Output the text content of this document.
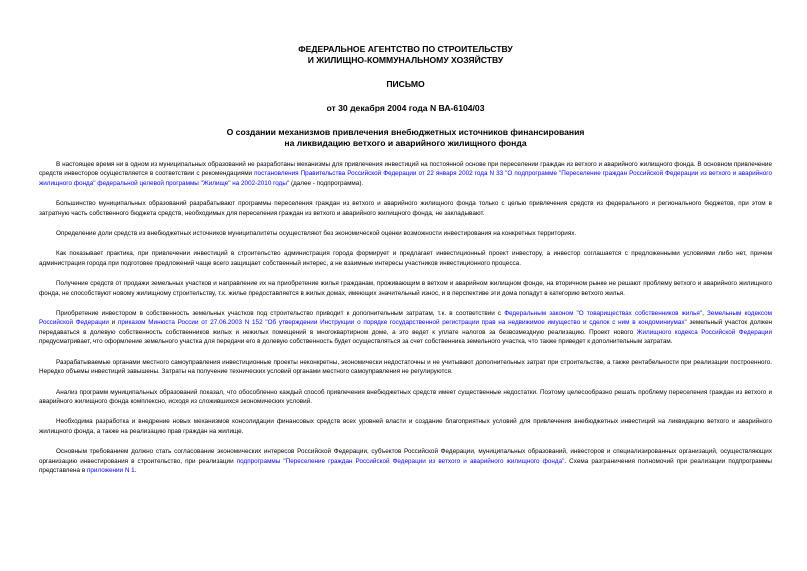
ФЕДЕРАЛЬНОЕ АГЕНТСТВО ПО СТРОИТЕЛЬСТВУ
И ЖИЛИЩНО-КОММУНАЛЬНОМУ ХОЗЯЙСТВУ
ПИСЬМО
от 30 декабря 2004 года N ВА-6104/03
О создании механизмов привлечения внебюджетных источников финансирования
на ликвидацию ветхого и аварийного жилищного фонда

В настоящее время ни в одном из муниципальных образований не разработаны механизмы для привлечения инвестиций на постоянной основе при переселении граждан из ветхого и аварийного жилищного фонда. В основном привлечение средств инвесторов осуществляется в соответствии с рекомендациями постановления Правительства Российской Федерации от 22 января 2002 года N 33 "О подпрограмме "Переселение граждан Российской Федерации из ветхого и аварийного жилищного фонда" федеральной целевой программы "Жилище" на 2002-2010 годы" (далее - подпрограмма).

Большинство муниципальных образований разрабатывают программы переселения граждан из ветхого и аварийного жилищного фонда только с целью привлечения средств из федерального и регионального бюджетов, при этом в затратную часть собственного бюджета средств, необходимых для переселения граждан из ветхого и аварийного жилищного фонда, не закладывают.

Определение доли средств из внебюджетных источников муниципалитеты осуществляют без экономической оценки возможности инвестирования на конкретных территориях.

Как показывает практика, при привлечении инвестиций в строительство администрация города формирует и предлагает инвестиционный проект инвестору, а инвестор соглашается с предложенными условиями либо нет, причем администрация города при подготовке предложений чаще всего защищает собственный интерес, а не взаимные интересы участников инвестиционного процесса.

Получение средств от продажи земельных участков и направление их на приобретение жилья гражданам, проживающим в ветхом и аварийном жилищном фонде, на вторичном рынке не решают проблему ветхого и аварийного жилищного фонда, не способствуют новому жилищному строительству, т.к. жилье предоставляется в жилых домах, имеющих значительный износ, и в перспективе эти дома попадут в категорию ветхого жилья.

Приобретение инвестором в собственность земельных участков под строительство приводит к дополнительным затратам, т.к. в соответствии с Федеральным законом "О товариществах собственников жилья", Земельным кодексом Российской Федерации и приказом Минюста России от 27.06.2003 N 152 "Об утверждении Инструкции о порядке государственной регистрации прав на недвижимое имущество и сделок с ним в кондоминиумах" земельный участок должен передаваться в долевую собственность собственников жилых и нежилых помещений в многоквартирном доме, а это ведет к уплате налогов за безвозмездную реализацию. Проект нового Жилищного кодекса Российской Федерации предусматривает, что оформление земельного участка для передачи его в долевую собственность будет осуществляться за счет собственника земельного участка, что также приведет к дополнительным затратам.

Разрабатываемые органами местного самоуправления инвестиционные проекты неконкретны, экономически недостаточны и не учитывают дополнительных затрат при строительстве, а также рентабельности при реализации построенного. Нередко объемы инвестиций завышены. Затраты на получение технических условий органами местного самоуправления не регулируются.

Анализ программ муниципальных образований показал, что обособленно каждый способ привлечения внебюджетных средств имеет существенные недостатки. Поэтому целесообразно решать проблему переселения граждан из ветхого и аварийного жилищного фонда комплексно, исходя из сложившихся экономических условий.

Необходима разработка и внедрение новых механизмов консолидации финансовых средств всех уровней власти и создание благоприятных условий для привлечения внебюджетных инвестиций на ликвидацию ветхого и аварийного жилищного фонда, а также на реализацию прав граждан на жилище.

Основным требованием должно стать согласование экономических интересов Российской Федерации, субъектов Российской Федерации, муниципальных образований, инвесторов и специализированных организаций, осуществляющих организацию инвестирования в строительство, при реализации подпрограммы "Переселение граждан Российской Федерации из ветхого и аварийного жилищного фонда". Схема разграничения полномочий при реализации подпрограммы представлена в приложении N 1.
